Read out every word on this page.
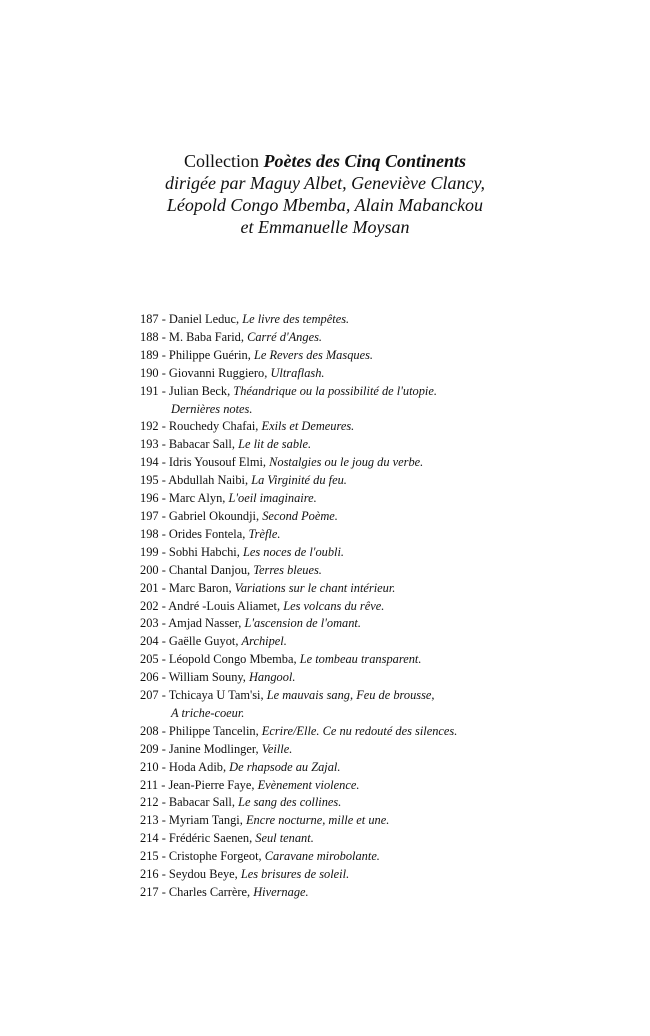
Collection Poètes des Cinq Continents
dirigée par Maguy Albet, Geneviève Clancy,
Léopold Congo Mbemba, Alain Mabanckou
et Emmanuelle Moysan
187 - Daniel Leduc, Le livre des tempêtes.
188 - M. Baba Farid, Carré d'Anges.
189 - Philippe Guérin, Le Revers des Masques.
190 - Giovanni Ruggiero, Ultraflash.
191 - Julian Beck, Théandrique ou la possibilité de l'utopie.
Dernières notes.
192 - Rouchedy Chafai, Exils et Demeures.
193 - Babacar Sall, Le lit de sable.
194 - Idris Yousouf Elmi, Nostalgies ou le joug du verbe.
195 - Abdullah Naibi, La Virginité du feu.
196 - Marc Alyn, L'oeil imaginaire.
197 - Gabriel Okoundji, Second Poème.
198 - Orides Fontela, Trèfle.
199 - Sobhi Habchi, Les noces de l'oubli.
200 - Chantal Danjou, Terres bleues.
201 - Marc Baron, Variations sur le chant intérieur.
202 - André -Louis Aliamet, Les volcans du rêve.
203 - Amjad Nasser, L'ascension de l'omant.
204 - Gaëlle Guyot, Archipel.
205 - Léopold Congo Mbemba, Le tombeau transparent.
206 - William Souny, Hangool.
207 - Tchicaya U Tam'si, Le mauvais sang, Feu de brousse,
A triche-coeur.
208 - Philippe Tancelin, Ecrire/Elle. Ce nu redouté des silences.
209 - Janine Modlinger, Veille.
210 - Hoda Adib, De rhapsode au Zajal.
211 - Jean-Pierre Faye, Evènement violence.
212 - Babacar Sall, Le sang des collines.
213 - Myriam Tangi, Encre nocturne, mille et une.
214 - Frédéric Saenen, Seul tenant.
215 - Cristophe Forgeot, Caravane mirobolante.
216 - Seydou Beye, Les brisures de soleil.
217 - Charles Carrère, Hivernage.
